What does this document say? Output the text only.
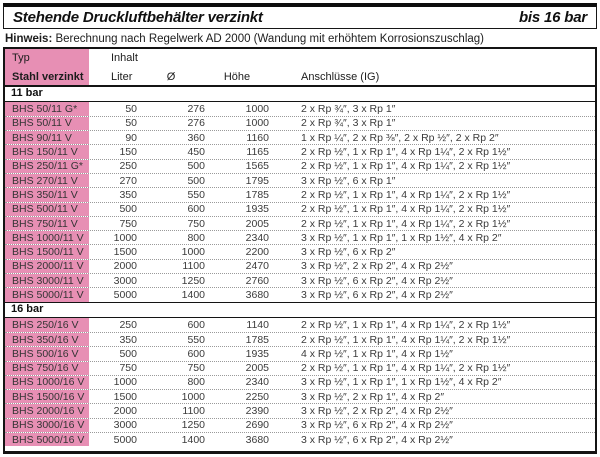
Stehende Druckluftbehälter verzinkt	bis 16 bar
Hinweis: Berechnung nach Regelwerk AD 2000 (Wandung mit erhöhtem Korrosionszuschlag)
Typ
Stahl verzinkt
Inhalt
Liter	Ø	Höhe	Anschlüsse (IG)
11 bar
BHS 50/11 G*	50	276	1000	2 x Rp ¾″, 3 x Rp 1″
BHS 50/11 V	50	276	1000	2 x Rp ¾″, 3 x Rp 1″
BHS 90/11 V	90	360	1160	1 x Rp ¼″, 2 x Rp ⅜″, 2 x Rp ½″, 2 x Rp 2″
BHS 150/11 V	150	450	1165	2 x Rp ½″, 1 x Rp 1″, 4 x Rp 1¼″, 2 x Rp 1½″
BHS 250/11 G*	250	500	1565	2 x Rp ½″, 1 x Rp 1″, 4 x Rp 1¼″, 2 x Rp 1½″
BHS 270/11 V	270	500	1795	3 x Rp ½″, 6 x Rp 1″
BHS 350/11 V	350	550	1785	2 x Rp ½″, 1 x Rp 1″, 4 x Rp 1¼″, 2 x Rp 1½″
BHS 500/11 V	500	600	1935	2 x Rp ½″, 1 x Rp 1″, 4 x Rp 1¼″, 2 x Rp 1½″
BHS 750/11 V	750	750	2005	2 x Rp ½″, 1 x Rp 1″, 4 x Rp 1¼″, 2 x Rp 1½″
BHS 1000/11 V	1000	800	2340	3 x Rp ½″, 1 x Rp 1″, 1 x Rp 1½″, 4 x Rp 2″
BHS 1500/11 V	1500	1000	2200	3 x Rp ½″, 6 x Rp 2″
BHS 2000/11 V	2000	1100	2470	3 x Rp ½″, 2 x Rp 2″, 4 x Rp 2½″
BHS 3000/11 V	3000	1250	2760	3 x Rp ½″, 6 x Rp 2″, 4 x Rp 2½″
BHS 5000/11 V	5000	1400	3680	3 x Rp ½″, 6 x Rp 2″, 4 x Rp 2½″
16 bar
BHS 250/16 V	250	600	1140	2 x Rp ½″, 1 x Rp 1″, 4 x Rp 1¼″, 2 x Rp 1½″
BHS 350/16 V	350	550	1785	2 x Rp ½″, 1 x Rp 1″, 4 x Rp 1¼″, 2 x Rp 1½″
BHS 500/16 V	500	600	1935	4 x Rp ½″, 1 x Rp 1″, 4 x Rp 1½″
BHS 750/16 V	750	750	2005	2 x Rp ½″, 1 x Rp 1″, 4 x Rp 1¼″, 2 x Rp 1½″
BHS 1000/16 V	1000	800	2340	3 x Rp ½″, 1 x Rp 1″, 1 x Rp 1½″, 4 x Rp 2″
BHS 1500/16 V	1500	1000	2250	3 x Rp ½″, 2 x Rp 1″, 4 x Rp 2″
BHS 2000/16 V	2000	1100	2390	3 x Rp ½″, 2 x Rp 2″, 4 x Rp 2½″
BHS 3000/16 V	3000	1250	2690	3 x Rp ½″, 6 x Rp 2″, 4 x Rp 2½″
BHS 5000/16 V	5000	1400	3680	3 x Rp ½″, 6 x Rp 2″, 4 x Rp 2½″
